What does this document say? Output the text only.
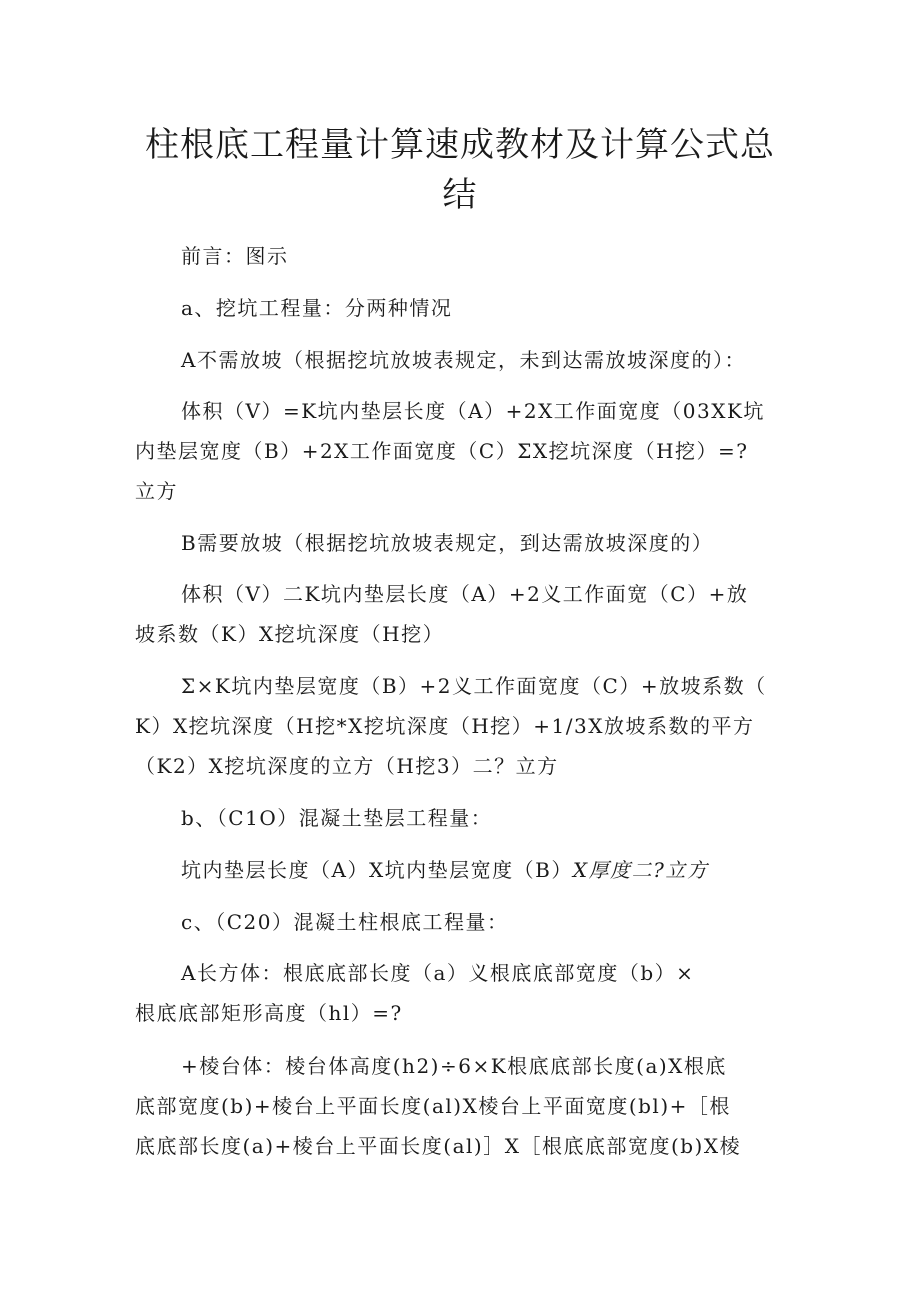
柱根底工程量计算速成教材及计算公式总
结

前言：图示

a、挖坑工程量：分两种情况

A不需放坡（根据挖坑放坡表规定，未到达需放坡深度的）：

体积（V）=K坑内垫层长度（A）+2X工作面宽度（03XK坑
内垫层宽度（B）+2X工作面宽度（C）ΣX挖坑深度（H挖）=?
立方

B需要放坡（根据挖坑放坡表规定，到达需放坡深度的）

体积（V）二K坑内垫层长度（A）+2义工作面宽（C）+放
坡系数（K）X挖坑深度（H挖）

Σ×K坑内垫层宽度（B）+2义工作面宽度（C）+放坡系数（
K）X挖坑深度（H挖*X挖坑深度（H挖）+1/3X放坡系数的平方
（K2）X挖坑深度的立方（H挖3）二？立方

b、（C1O）混凝土垫层工程量：

坑内垫层长度（A）X坑内垫层宽度（B）X厚度二?立方

c、（C20）混凝土柱根底工程量：

A长方体：根底底部长度（a）义根底底部宽度（b）×
根底底部矩形高度（hl）=?

+棱台体：棱台体高度(h2)÷6×K根底底部长度(a)X根底
底部宽度(b)+棱台上平面长度(al)X棱台上平面宽度(bl)+［根
底底部长度(a)+棱台上平面长度(al)］X［根底底部宽度(b)X棱
